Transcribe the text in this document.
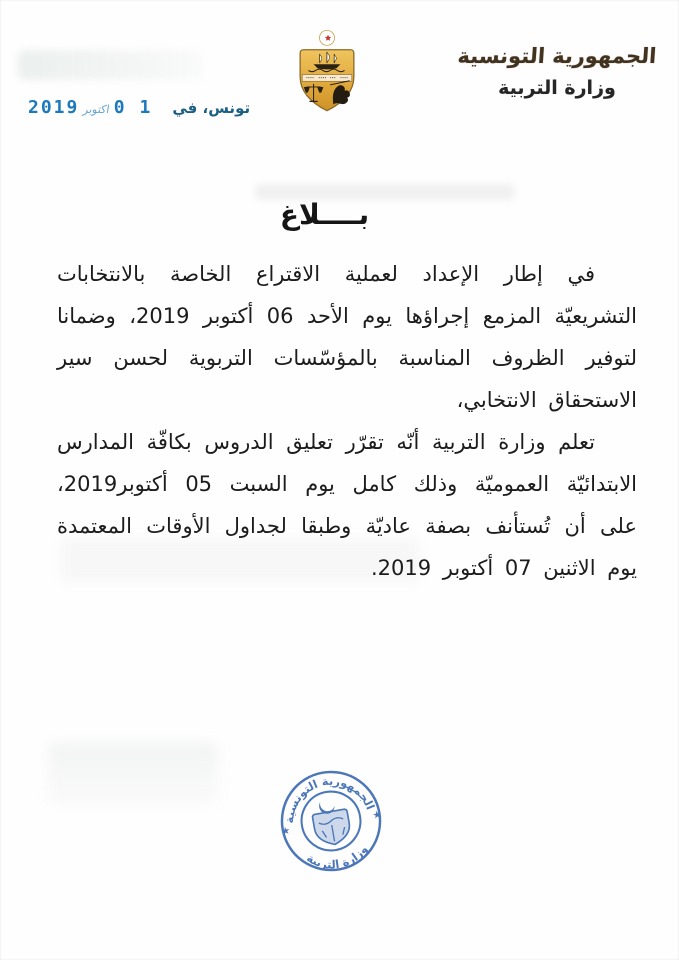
الجمهورية التونسية
وزارة التربية
2019 اكتوبر 0 1 تونس، في
بــــلاغ

في إطار الإعداد لعملية الاقتراع الخاصة بالانتخابات التشريعيّة المزمع إجراؤها يوم الأحد 06 أكتوبر 2019، وضمانا لتوفير الظروف المناسبة بالمؤسّسات التربوية لحسن سير الاستحقاق الانتخابي،

تعلم وزارة التربية أنّه تقرّر تعليق الدروس بكافّة المدارس الابتدائيّة العموميّة وذلك كامل يوم السبت 05 أكتوبر2019، على أن تُستأنف بصفة عاديّة وطبقا لجداول الأوقات المعتمدة يوم الاثنين 07 أكتوبر 2019.

الجمهورية التونسية
وزارة التربية
★
★
